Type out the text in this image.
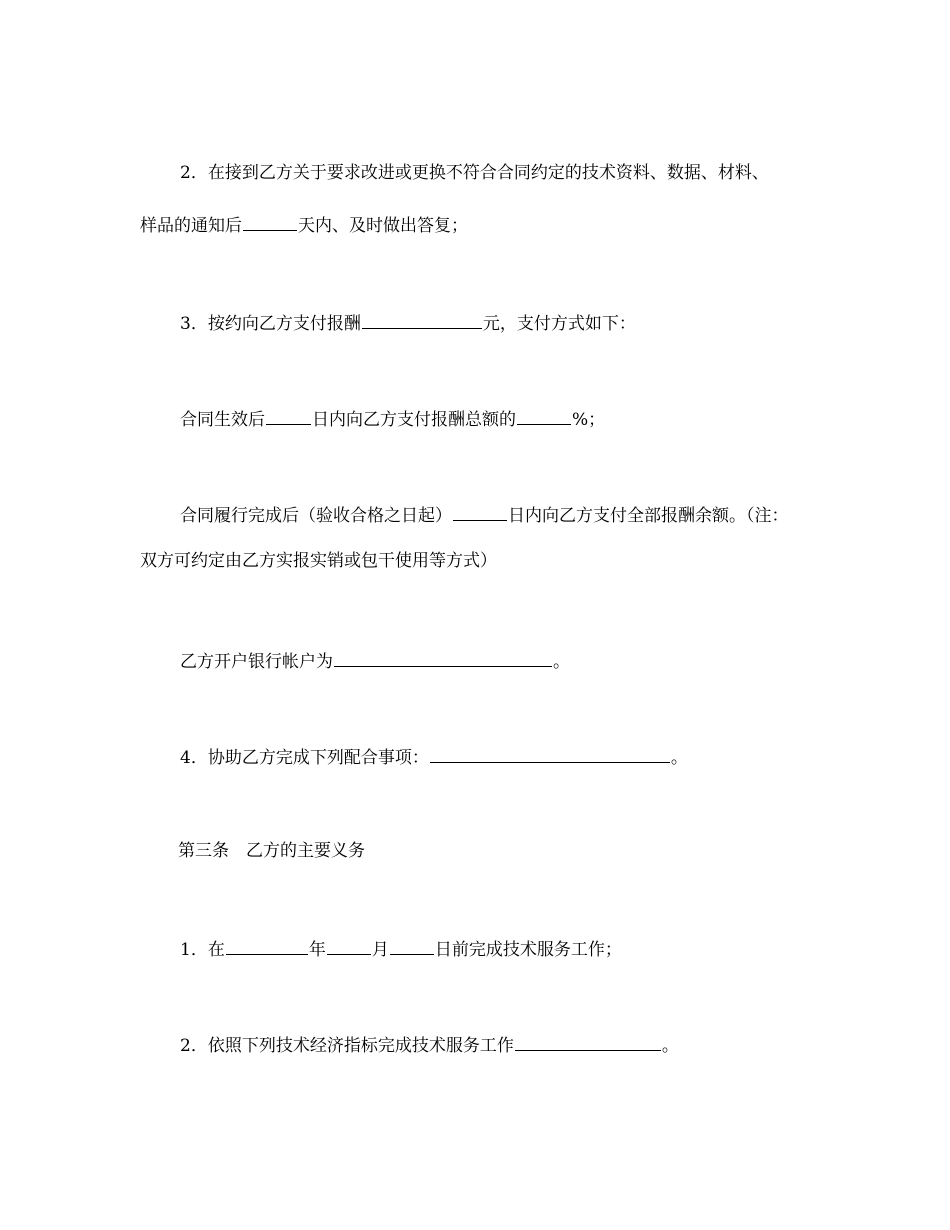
2．在接到乙方关于要求改进或更换不符合合同约定的技术资料、数据、材料、
样品的通知后	天内、及时做出答复；
3．按约向乙方支付报酬	元，支付方式如下：
合同生效后	日内向乙方支付报酬总额的	%；
合同履行完成后（验收合格之日起）	日内向乙方支付全部报酬余额。（注：
双方可约定由乙方实报实销或包干使用等方式）
乙方开户银行帐户为	。
4．协助乙方完成下列配合事项：	。
第三条　乙方的主要义务
1．在	年	月	日前完成技术服务工作；
2．依照下列技术经济指标完成技术服务工作	。
